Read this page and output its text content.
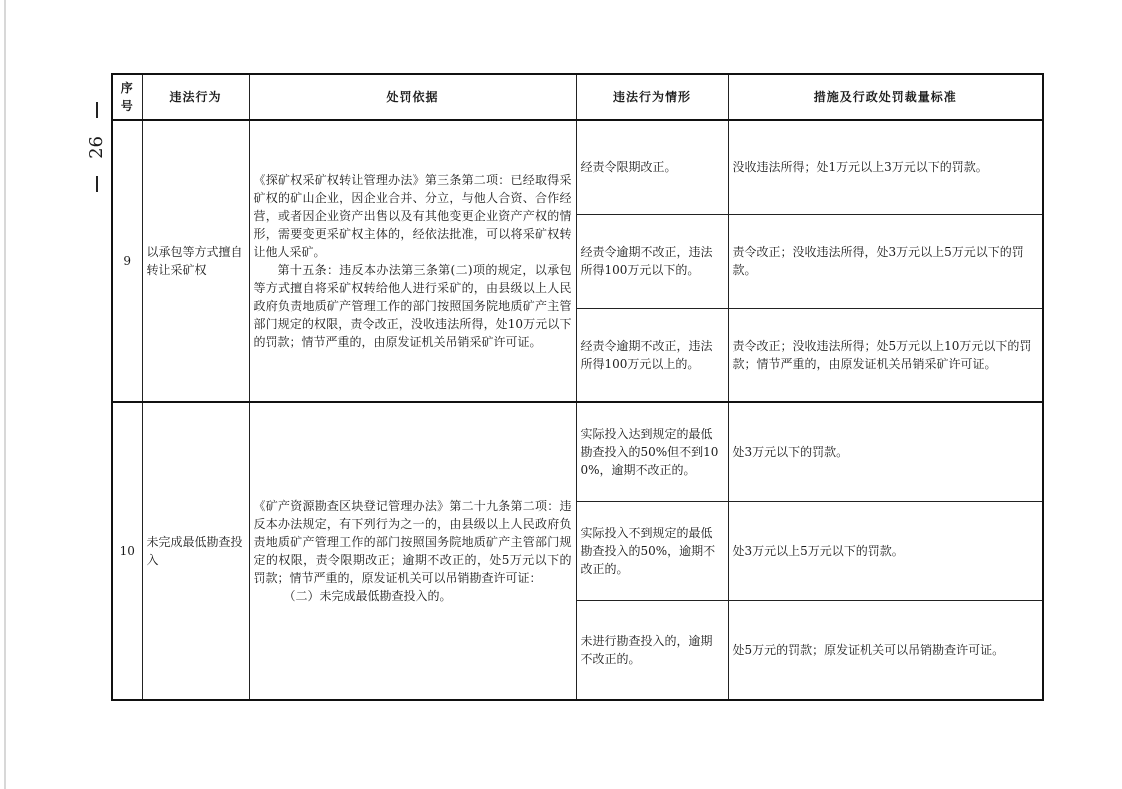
26
序号	违法行为	处罚依据	违法行为情形	措施及行政处罚裁量标准
9	以承包等方式擅自转让采矿权	《探矿权采矿权转让管理办法》第三条第二项：已经取得采矿权的矿山企业，因企业合并、分立，与他人合资、合作经营，或者因企业资产出售以及有其他变更企业资产产权的情形，需要变更采矿权主体的，经依法批准，可以将采矿权转让他人采矿。
第十五条：违反本办法第三条第(二)项的规定，以承包等方式擅自将采矿权转给他人进行采矿的，由县级以上人民政府负责地质矿产管理工作的部门按照国务院地质矿产主管部门规定的权限，责令改正，没收违法所得，处10万元以下的罚款；情节严重的，由原发证机关吊销采矿许可证。	经责令限期改正。	没收违法所得；处1万元以上3万元以下的罚款。
			经责令逾期不改正，违法所得100万元以下的。	责令改正；没收违法所得，处3万元以上5万元以下的罚款。
			经责令逾期不改正，违法所得100万元以上的。	责令改正；没收违法所得；处5万元以上10万元以下的罚款；情节严重的，由原发证机关吊销采矿许可证。
10	未完成最低勘查投入	《矿产资源勘查区块登记管理办法》第二十九条第二项：违反本办法规定，有下列行为之一的，由县级以上人民政府负责地质矿产管理工作的部门按照国务院地质矿产主管部门规定的权限，责令限期改正；逾期不改正的，处5万元以下的罚款；情节严重的，原发证机关可以吊销勘查许可证：
（二）未完成最低勘查投入的。	实际投入达到规定的最低勘查投入的50%但不到100%，逾期不改正的。	处3万元以下的罚款。
			实际投入不到规定的最低勘查投入的50%，逾期不改正的。	处3万元以上5万元以下的罚款。
			未进行勘查投入的，逾期不改正的。	处5万元的罚款；原发证机关可以吊销勘查许可证。
